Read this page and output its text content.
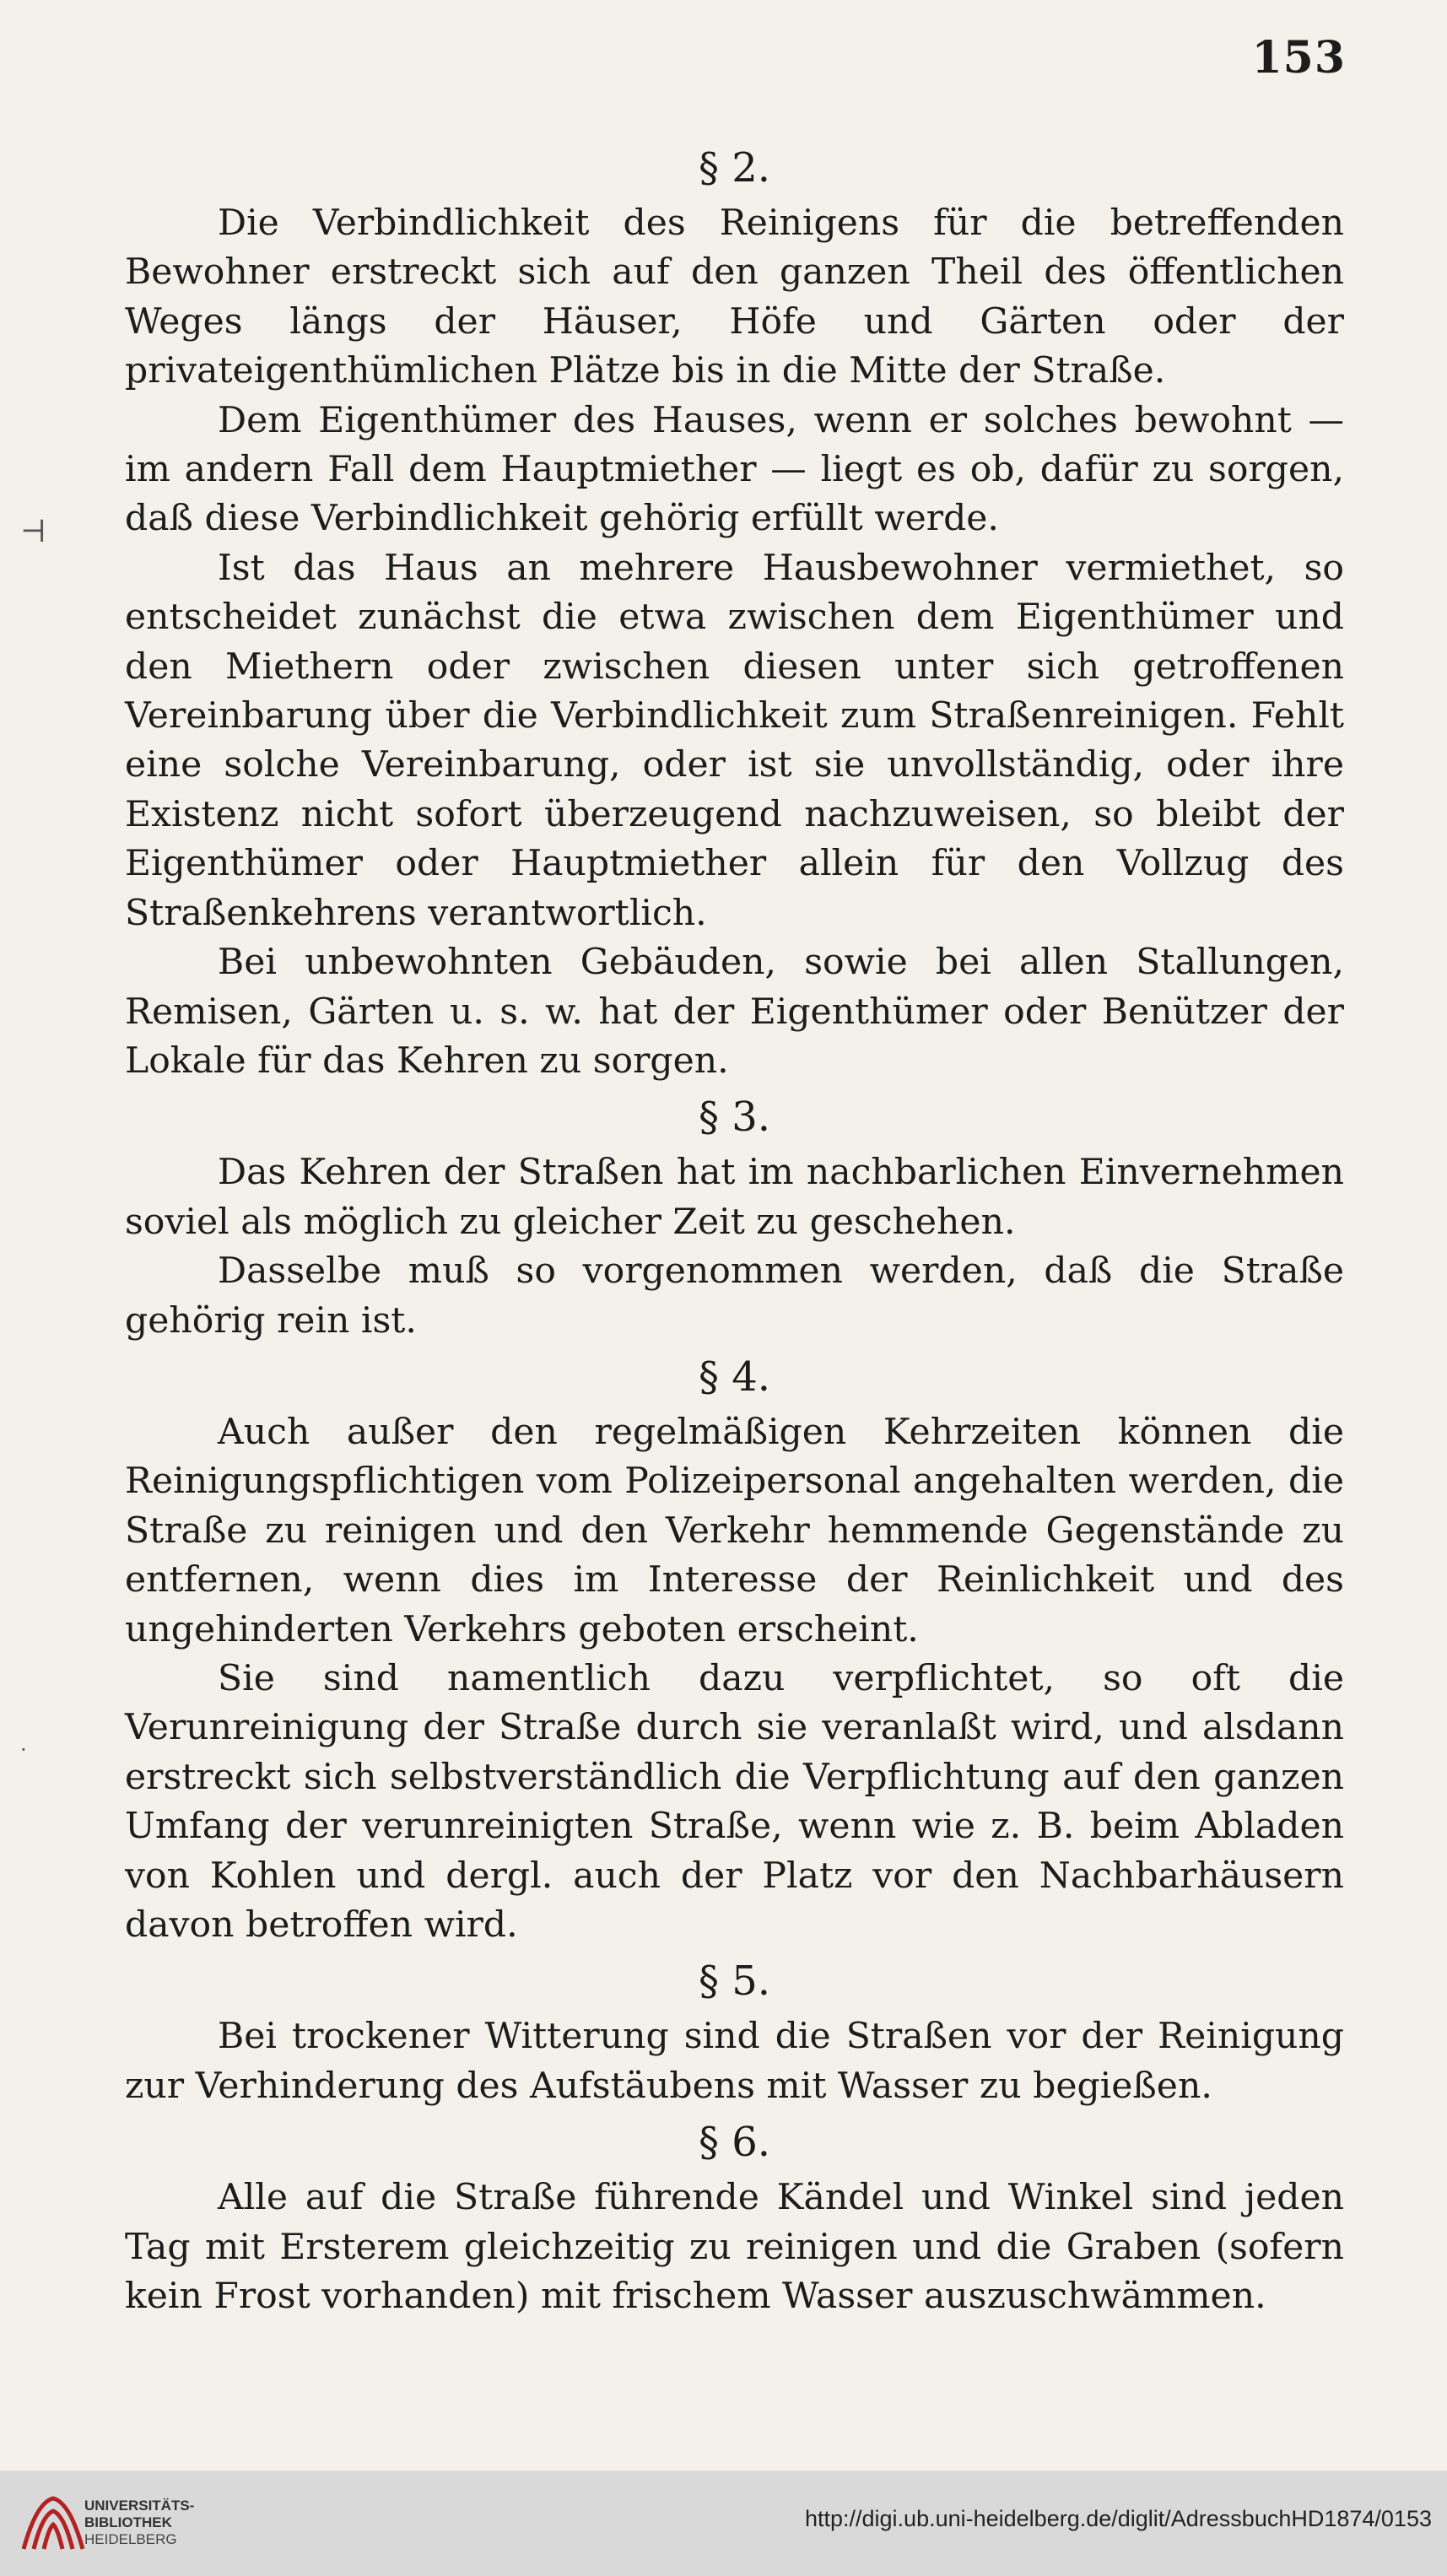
153
⊣
·
§ 2.

Die Verbindlichkeit des Reinigens für die betreffenden Bewohner erstreckt sich auf den ganzen Theil des öffentlichen Weges längs der Häuser, Höfe und Gärten oder der privateigenthümlichen Plätze bis in die Mitte der Straße.

Dem Eigenthümer des Hauses, wenn er solches bewohnt — im andern Fall dem Hauptmiether — liegt es ob, dafür zu sorgen, daß diese Verbindlichkeit gehörig erfüllt werde.

Ist das Haus an mehrere Hausbewohner vermiethet, so entscheidet zunächst die etwa zwischen dem Eigenthümer und den Miethern oder zwischen diesen unter sich getroffenen Vereinbarung über die Verbindlichkeit zum Straßenreinigen. Fehlt eine solche Vereinbarung, oder ist sie unvollständig, oder ihre Existenz nicht sofort überzeugend nachzuweisen, so bleibt der Eigenthümer oder Hauptmiether allein für den Vollzug des Straßenkehrens verantwortlich.

Bei unbewohnten Gebäuden, sowie bei allen Stallungen, Remisen, Gärten u. s. w. hat der Eigenthümer oder Benützer der Lokale für das Kehren zu sorgen.

§ 3.

Das Kehren der Straßen hat im nachbarlichen Einvernehmen soviel als möglich zu gleicher Zeit zu geschehen.

Dasselbe muß so vorgenommen werden, daß die Straße gehörig rein ist.

§ 4.

Auch außer den regelmäßigen Kehrzeiten können die Reinigungspflichtigen vom Polizeipersonal angehalten werden, die Straße zu reinigen und den Verkehr hemmende Gegenstände zu entfernen, wenn dies im Interesse der Reinlichkeit und des ungehinderten Verkehrs geboten erscheint.

Sie sind namentlich dazu verpflichtet, so oft die Verunreinigung der Straße durch sie veranlaßt wird, und alsdann erstreckt sich selbstverständlich die Verpflichtung auf den ganzen Umfang der verunreinigten Straße, wenn wie z. B. beim Abladen von Kohlen und dergl. auch der Platz vor den Nachbarhäusern davon betroffen wird.

§ 5.

Bei trockener Witterung sind die Straßen vor der Reinigung zur Verhinderung des Aufstäubens mit Wasser zu begießen.

§ 6.

Alle auf die Straße führende Kändel und Winkel sind jeden Tag mit Ersterem gleichzeitig zu reinigen und die Graben (sofern kein Frost vorhanden) mit frischem Wasser auszuschwämmen.

UNIVERSITÄTS-
BIBLIOTHEK
HEIDELBERG
http://digi.ub.uni-heidelberg.de/diglit/AdressbuchHD1874/0153
